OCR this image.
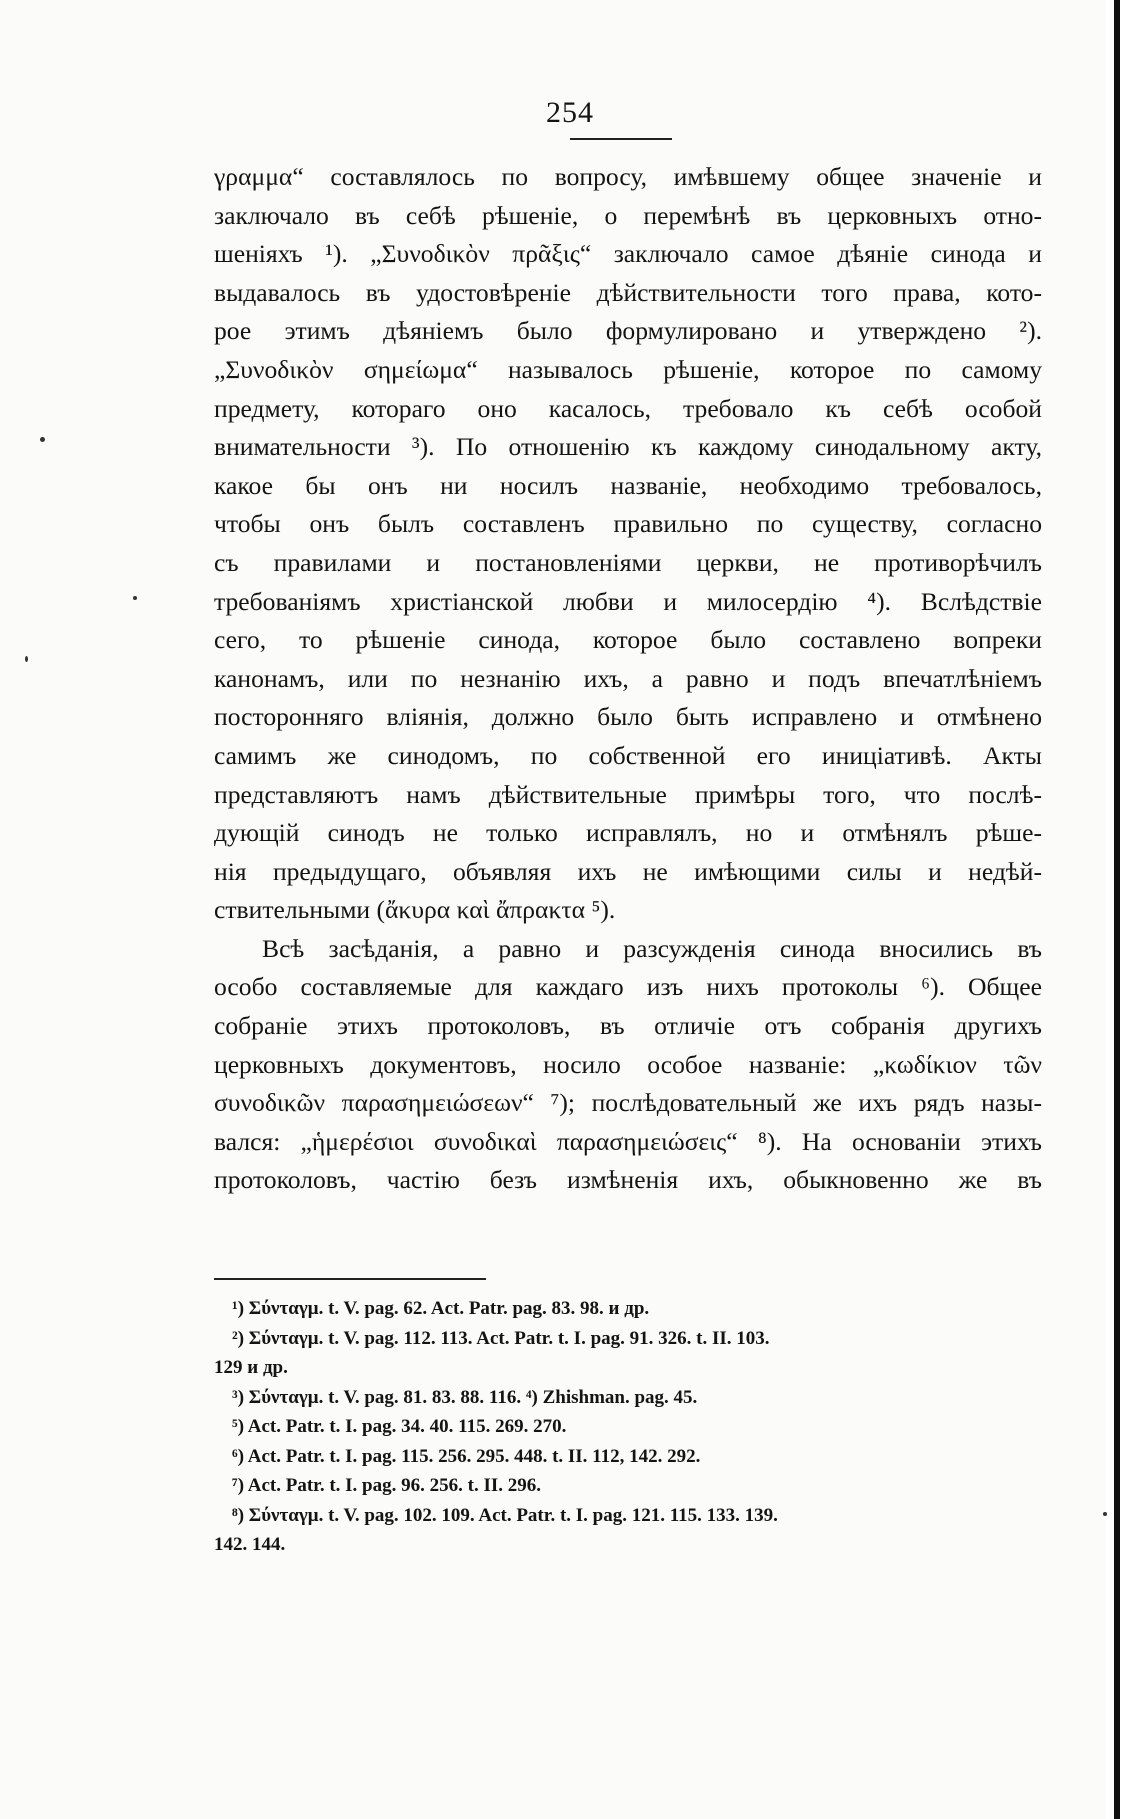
254
γραμμα“ составлялось по вопросу, имѣвшему общее значеніе и
заключало въ себѣ рѣшеніе, о перемѣнѣ въ церковныхъ отно-
шеніяхъ ¹). „Συνοδικὸν πρᾶξις“ заключало самое дѣяніе синода и
выдавалось въ удостовѣреніе дѣйствительности того права, кото-
рое этимъ дѣяніемъ было формулировано и утверждено ²).
„Συνοδικὸν σημείωμα“ называлось рѣшеніе, которое по самому
предмету, котораго оно касалось, требовало къ себѣ особой
внимательности ³). По отношенію къ каждому синодальному акту,
какое бы онъ ни носилъ названіе, необходимо требовалось,
чтобы онъ былъ составленъ правильно по существу, согласно
съ правилами и постановленіями церкви, не противорѣчилъ
требованіямъ христіанской любви и милосердію ⁴). Вслѣдствіе
сего, то рѣшеніе синода, которое было составлено вопреки
канонамъ, или по незнанію ихъ, а равно и подъ впечатлѣніемъ
посторонняго вліянія, должно было быть исправлено и отмѣнено
самимъ же синодомъ, по собственной его иниціативѣ. Акты
представляютъ намъ дѣйствительные примѣры того, что послѣ-
дующій синодъ не только исправлялъ, но и отмѣнялъ рѣше-
нія предыдущаго, объявляя ихъ не имѣющими силы и недѣй-
ствительными (ἄκυρα καὶ ἄπρακτα ⁵).
Всѣ засѣданія, а равно и разсужденія синода вносились въ
особо составляемые для каждаго изъ нихъ протоколы ⁶). Общее
собраніе этихъ протоколовъ, въ отличіе отъ собранія другихъ
церковныхъ документовъ, носило особое названіе: „κωδίκιον τῶν
συνοδικῶν παρασημειώσεων“ ⁷); послѣдовательный же ихъ рядъ назы-
вался: „ἡμερέσιοι συνοδικαὶ παρασημειώσεις“ ⁸). На основаніи этихъ
протоколовъ, частію безъ измѣненія ихъ, обыкновенно же въ
¹) Σύνταγμ. t. V. pag. 62. Act. Patr. pag. 83. 98. и др.
²) Σύνταγμ. t. V. pag. 112. 113. Act. Patr. t. I. pag. 91. 326. t. II. 103.
129 и др.
³) Σύνταγμ. t. V. pag. 81. 83. 88. 116. ⁴) Zhishman. pag. 45.
⁵) Act. Patr. t. I. pag. 34. 40. 115. 269. 270.
⁶) Act. Patr. t. I. pag. 115. 256. 295. 448. t. II. 112, 142. 292.
⁷) Act. Patr. t. I. pag. 96. 256. t. II. 296.
⁸) Σύνταγμ. t. V. pag. 102. 109. Act. Patr. t. I. pag. 121. 115. 133. 139.
142. 144.
